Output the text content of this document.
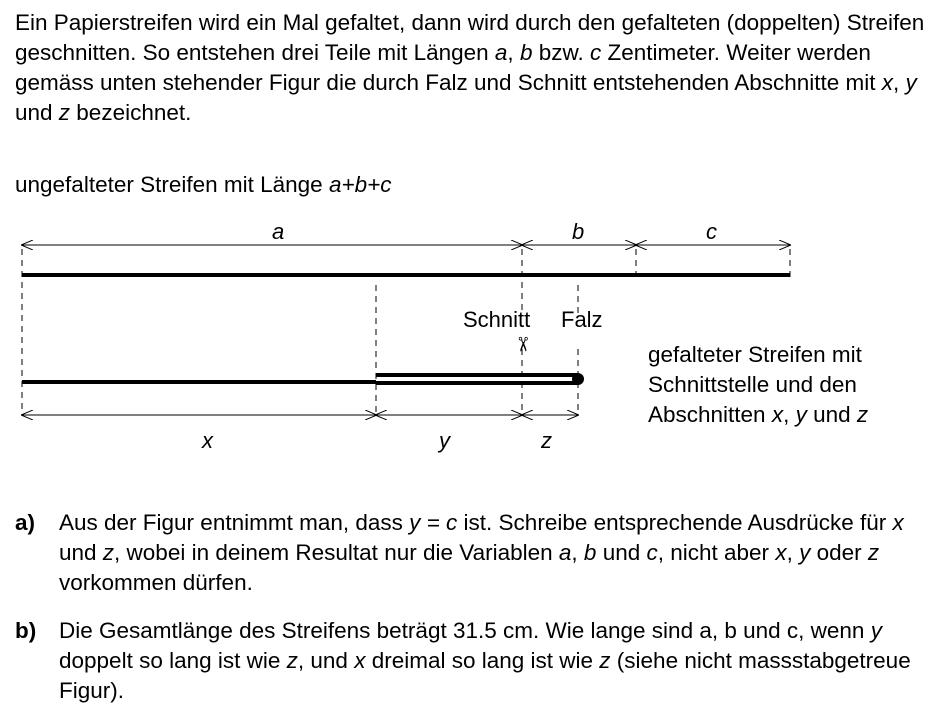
Ein Papierstreifen wird ein Mal gefaltet, dann wird durch den gefalteten (doppelten) Streifen geschnitten. So entstehen drei Teile mit Längen a, b bzw. c Zentimeter. Weiter werden gemäss unten stehender Figur die durch Falz und Schnitt entstehenden Abschnitte mit x, y und z bezeichnet.

ungefalteter Streifen mit Länge a+b+c
a	b	c
Schnitt Falz
✂
x	y	z
gefalteter Streifen mit
Schnittstelle und den
Abschnitten x, y und z
a) Aus der Figur entnimmt man, dass y = c ist. Schreibe entsprechende Ausdrücke für x und z, wobei in deinem Resultat nur die Variablen a, b und c, nicht aber x, y oder z vorkommen dürfen.
b) Die Gesamtlänge des Streifens beträgt 31.5 cm. Wie lange sind a, b und c, wenn y doppelt so lang ist wie z, und x dreimal so lang ist wie z (siehe nicht massstabgetreue Figur).
